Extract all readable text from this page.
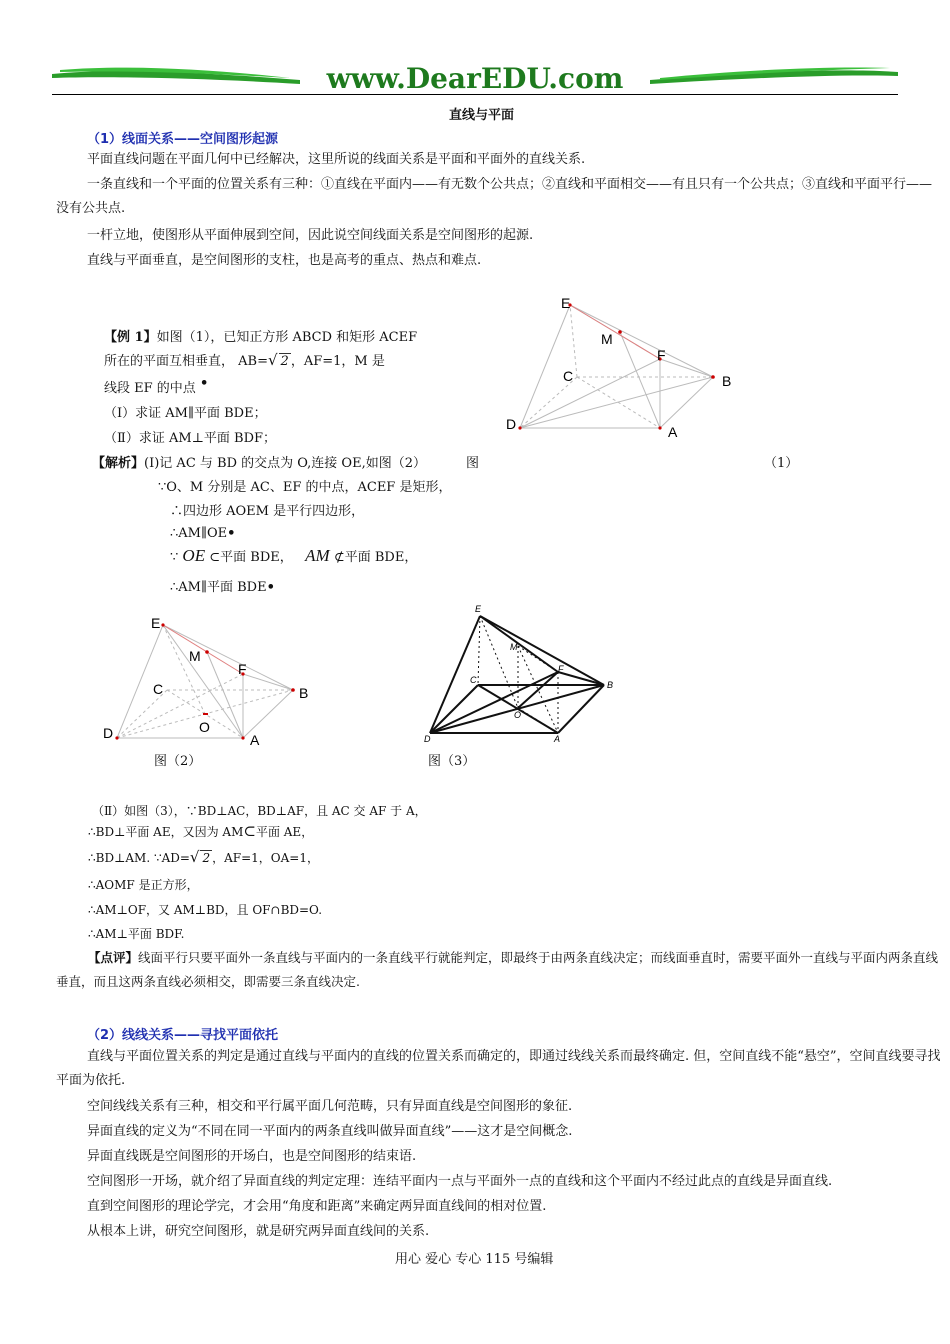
www.DearEDU.com
直线与平面
（1）线面关系——空间图形起源
平面直线问题在平面几何中已经解决，这里所说的线面关系是平面和平面外的直线关系.
一条直线和一个平面的位置关系有三种：①直线在平面内——有无数个公共点；②直线和平面相交——有且只有一个公共点；③直线和平面平行——没有公共点.
一杆立地，使图形从平面伸展到空间，因此说空间线面关系是空间图形的起源.
直线与平面垂直，是空间图形的支柱，也是高考的重点、热点和难点.
【例 1】如图（1），已知正方形 ABCD 和矩形 ACEF
所在的平面互相垂直， AB=√ 2 ，AF=1，M 是
线段 EF 的中点 •
（Ⅰ）求证 AM∥平面 BDE；
（Ⅱ）求证 AM⊥平面 BDF；
【解析】(Ⅰ)记 AC 与 BD 的交点为 O,连接 OE,如图（2）	图	（1）
∵O、M 分别是 AC、EF 的中点，ACEF 是矩形，
∴四边形 AOEM 是平行四边形，
∴AM∥OE•
∵ OE ⊂平面 BDE， AM ⊄平面 BDE，
∴AM∥平面 BDE•
E
M
F
C	B
D	A
E
M
F
C	B
O
D	A
图（2）
E
M
F
C	B
O
D	A
图（3）
（Ⅱ）如图（3），∵BD⊥AC，BD⊥AF，且 AC 交 AF 于 A，
∴BD⊥平面 AE，又因为 AM⊂平面 AE，
∴BD⊥AM. ∵AD=√ 2 ，AF=1，OA=1，
∴AOMF 是正方形，
∴AM⊥OF，又 AM⊥BD，且 OF∩BD=O.
∴AM⊥平面 BDF.
【点评】线面平行只要平面外一条直线与平面内的一条直线平行就能判定，即最终于由两条直线决定；而线面垂直时，需要平面外一直线与平面内两条直线垂直，而且这两条直线必须相交，即需要三条直线决定.
（2）线线关系——寻找平面依托
直线与平面位置关系的判定是通过直线与平面内的直线的位置关系而确定的，即通过线线关系而最终确定. 但，空间直线不能“悬空”，空间直线要寻找平面为依托.
空间线线关系有三种，相交和平行属平面几何范畴，只有异面直线是空间图形的象征.
异面直线的定义为“不同在同一平面内的两条直线叫做异面直线”——这才是空间概念.
异面直线既是空间图形的开场白，也是空间图形的结束语.
空间图形一开场，就介绍了异面直线的判定定理：连结平面内一点与平面外一点的直线和这个平面内不经过此点的直线是异面直线.
直到空间图形的理论学完，才会用“角度和距离”来确定两异面直线间的相对位置.
从根本上讲，研究空间图形，就是研究两异面直线间的关系.
用心 爱心 专心 115 号编辑
